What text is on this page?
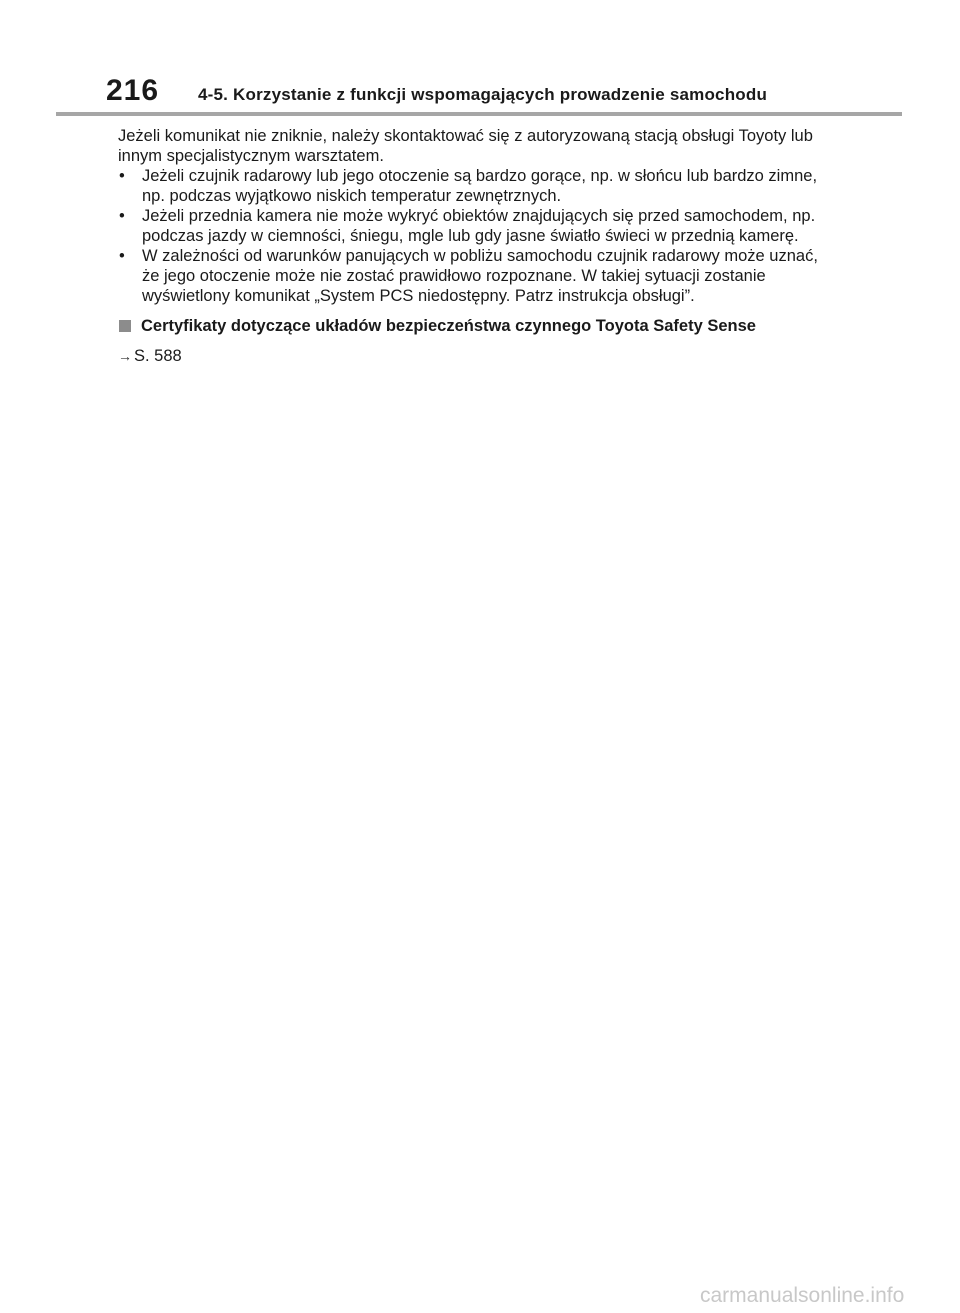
216 4-5. Korzystanie z funkcji wspomagających prowadzenie samochodu

Jeżeli komunikat nie zniknie, należy skontaktować się z autoryzowaną stacją obsługi Toyoty lub innym specjalistycznym warsztatem.

• Jeżeli czujnik radarowy lub jego otoczenie są bardzo gorące, np. w słońcu lub bardzo zimne, np. podczas wyjątkowo niskich temperatur zewnętrznych.
• Jeżeli przednia kamera nie może wykryć obiektów znajdujących się przed samochodem, np. podczas jazdy w ciemności, śniegu, mgle lub gdy jasne światło świeci w przednią kamerę.
• W zależności od warunków panujących w pobliżu samochodu czujnik radarowy może uznać, że jego otoczenie może nie zostać prawidłowo rozpoznane. W takiej sytuacji zostanie wyświetlony komunikat „System PCS niedostępny. Patrz instrukcja obsługi”.
Certyfikaty dotyczące układów bezpieczeństwa czynnego Toyota Safety Sense
→ S. 588
carmanualsonline.info
